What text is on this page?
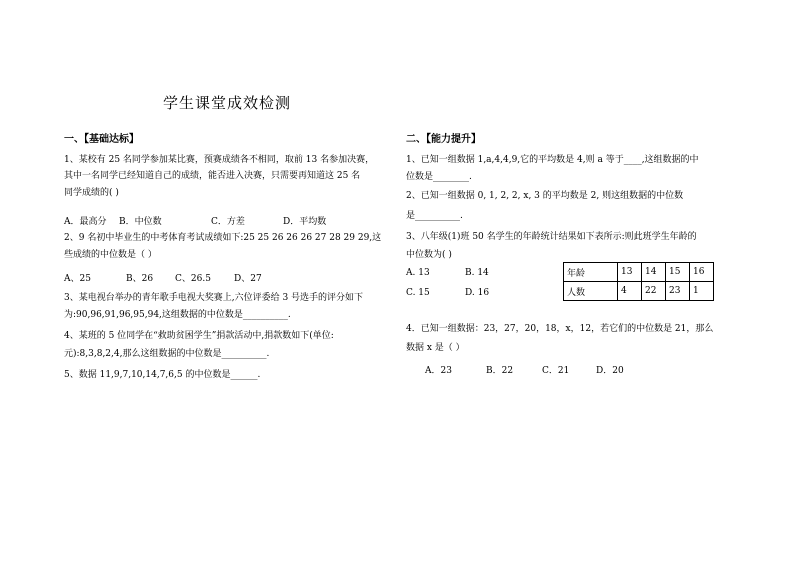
学生课堂成效检测
一、【基础达标】
1、某校有 25 名同学参加某比赛，预赛成绩各不相同，取前 13 名参加决赛，
其中一名同学已经知道自己的成绩，能否进入决赛，只需要再知道这 25 名
同学成绩的( )
A．最高分 B．中位数	C．方差	D．平均数
2、9 名初中毕业生的中考体育考试成绩如下:25 25 26 26 26 27 28 29 29,这
些成绩的中位数是（ ）
A、25	B、26 C、26.5	D、27
3、某电视台举办的青年歌手电视大奖赛上,六位评委给 3 号选手的评分如下
为:90,96,91,96,95,94,这组数据的中位数是__________.
4、某班的 5 位同学在“救助贫困学生”捐款活动中,捐款数如下(单位:
元):8,3,8,2,4,那么这组数据的中位数是__________.
5、数据 11,9,7,10,14,7,6,5 的中位数是______.
二、【能力提升】
1、已知一组数据 1,a,4,4,9,它的平均数是 4,则 a 等于____,这组数据的中
位数是________.
2、已知一组数据 0, 1, 2, 2, x, 3 的平均数是 2, 则这组数据的中位数
是__________.
3、八年级(1)班 50 名学生的年龄统计结果如下表所示:则此班学生年龄的
中位数为( )
A. 13	B. 14
C. 15	D. 16
年龄	13	14	15	16
人数	4	22	23	1
4．已知一组数据：23，27，20，18，x，12，若它们的中位数是 21，那么
数据 x 是（ ）
A．23	B．22	C．21	D．20
